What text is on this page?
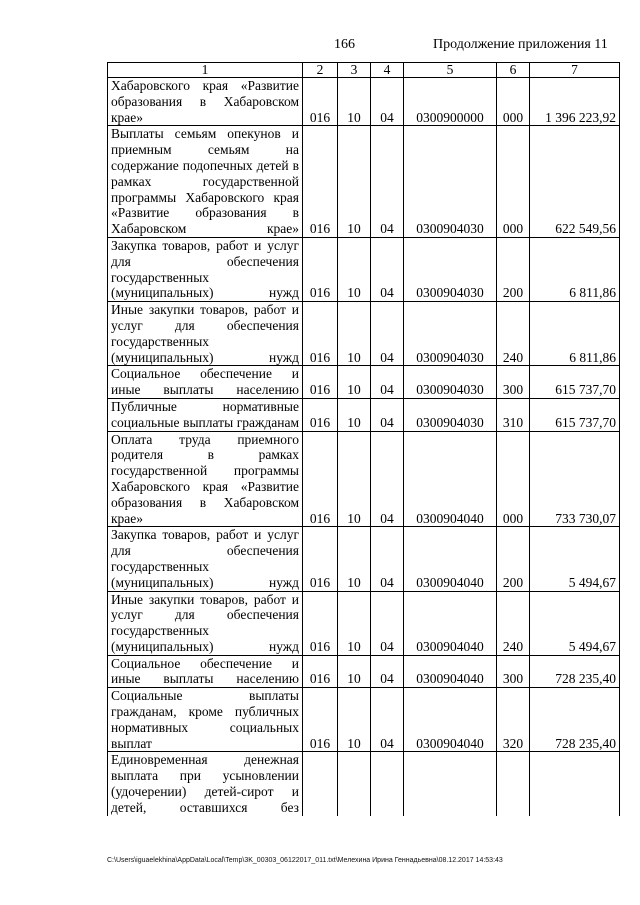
166	Продолжение приложения 11
1	2	3	4	5	6	7
Хабаровского края «Развитие образования в Хабаровском крае»	016	10	04	0300900000	000	1 396 223,92
Выплаты семьям опекунов и приемным семьям на содержание подопечных детей в рамках государственной программы Хабаровского края «Развитие образования в Хабаровском крае»	016	10	04	0300904030	000	622 549,56
Закупка товаров, работ и услуг для обеспечения государственных (муниципальных) нужд	016	10	04	0300904030	200	6 811,86
Иные закупки товаров, работ и услуг для обеспечения государственных (муниципальных) нужд	016	10	04	0300904030	240	6 811,86
Социальное обеспечение и иные выплаты населению	016	10	04	0300904030	300	615 737,70
Публичные нормативные социальные выплаты гражданам	016	10	04	0300904030	310	615 737,70
Оплата труда приемного родителя в рамках государственной программы Хабаровского края «Развитие образования в Хабаровском крае»	016	10	04	0300904040	000	733 730,07
Закупка товаров, работ и услуг для обеспечения государственных (муниципальных) нужд	016	10	04	0300904040	200	5 494,67
Иные закупки товаров, работ и услуг для обеспечения государственных (муниципальных) нужд	016	10	04	0300904040	240	5 494,67
Социальное обеспечение и иные выплаты населению	016	10	04	0300904040	300	728 235,40
Социальные выплаты гражданам, кроме публичных нормативных социальных выплат	016	10	04	0300904040	320	728 235,40
Единовременная денежная выплата при усыновлении (удочерении) детей-сирот и детей, оставшихся без						
C:\Users\iguaelekhina\AppData\Local\Temp\3K_00303_06122017_011.txt\Мелехина Ирина Геннадьевна\08.12.2017 14:53:43
